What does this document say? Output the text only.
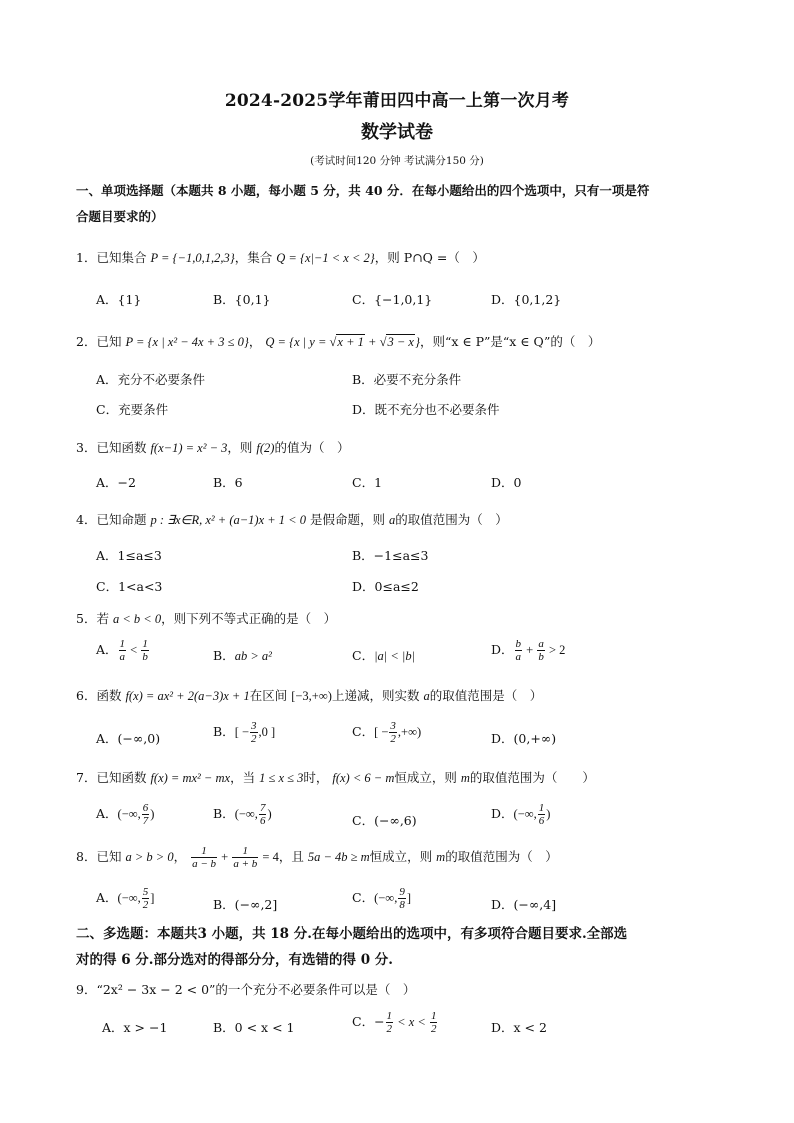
2024-2025学年莆田四中高一上第一次月考
数学试卷
(考试时间120 分钟 考试满分150 分)
一、单项选择题（本题共 8 小题，每小题 5 分，共 40 分．在每小题给出的四个选项中，只有一项是符
合题目要求的）
1．已知集合 P = {−1,0,1,2,3}，集合 Q = {x|−1 < x < 2}，则 P∩Q =（　）
A．{1}	B．{0,1}	C．{−1,0,1}	D．{0,1,2}
2．已知 P = {x | x² − 4x + 3 ≤ 0}， Q = {x | y = √x + 1 + √3 − x}，则“x ∈ P”是“x ∈ Q”的（　）
A．充分不必要条件	B．必要不充分条件
C．充要条件	D．既不充分也不必要条件
3．已知函数 f(x−1) = x² − 3，则 f(2)的值为（　）
A．−2	B．6	C．1	D．0
4．已知命题 p : ∃x∈R, x² + (a−1)x + 1 < 0 是假命题，则 a的取值范围为（　）
A．1≤a≤3	B．−1≤a≤3
C．1<a<3	D．0≤a≤2
5．若 a < b < 0，则下列不等式正确的是（　）
A． $\frac{1}{a} < \frac{1}{b}$	B．ab > a²	C．|a| < |b|	D． $\frac{b}{a} + \frac{a}{b} > 2$
6．函数 f(x) = ax² + 2(a−3)x + 1在区间 [−3,+∞)上递减，则实数 a的取值范围是（　）
A．(−∞,0)	B．[ − $\frac{3}{2} ,0$ ]	C．[ − $\frac{3}{2}$ ,+∞)	D．(0,+∞)
7．已知函数 f(x) = mx² − mx，当 1 ≤ x ≤ 3时， f(x) < 6 − m恒成立，则 m的取值范围为（　　）
A．(−∞, $\frac{6}{7}$ )	B．(−∞, $\frac{7}{6}$ )	C．(−∞,6)	D．(−∞, $\frac{1}{6}$ )
8．已知 a > b > 0， $\frac{1}{a - b} + \frac{1}{a + b} = 4$，且 5a − 4b ≥ m恒成立，则 m的取值范围为（　）
A．(−∞, $\frac{5}{2}$ ]	B．(−∞,2]	C．(−∞, $\frac{9}{8}$ ]	D．(−∞,4]
二、多选题：本题共3 小题，共 18 分.在每小题给出的选项中，有多项符合题目要求.全部选
对的得 6 分.部分选对的得部分分，有选错的得 0 分.
9．“2x² − 3x − 2 < 0”的一个充分不必要条件可以是（　）
A．x > −1	B．0 < x < 1	C．− $\frac{1}{2} < x < \frac{1}{2}$	D．x < 2
